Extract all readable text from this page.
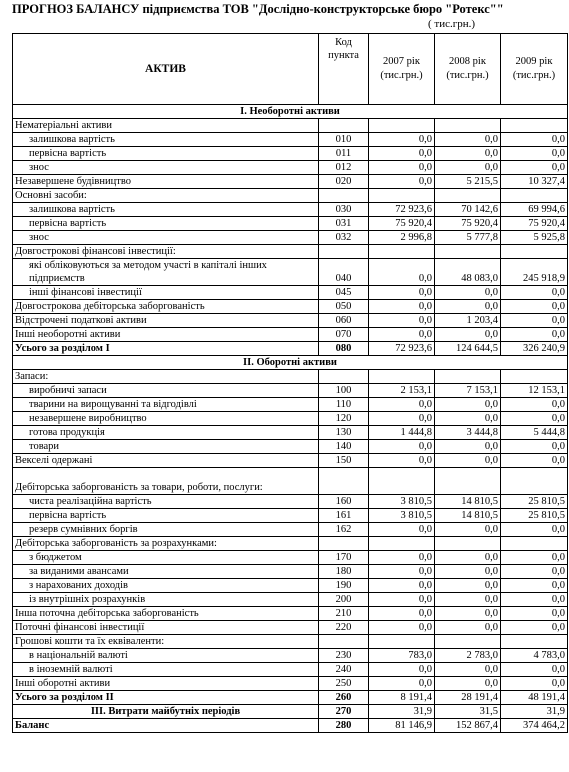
ПРОГНОЗ БАЛАНСУ підприємства ТОВ "Дослідно-конструкторське бюро "Ротекс""
( тис.грн.)
АКТИВ	Код пункта	2007 рік (тис.грн.)	2008 рік (тис.грн.)	2009 рік (тис.грн.)

І. Необоротні активи				
Нематеріальні активи				
залишкова вартість	010	0,0	0,0	0,0
первісна вартість	011	0,0	0,0	0,0
знос	012	0,0	0,0	0,0
Незавершене будівництво	020	0,0	5 215,5	10 327,4
Основні засоби:				
залишкова вартість	030	72 923,6	70 142,6	69 994,6
первісна вартість	031	75 920,4	75 920,4	75 920,4
знос	032	2 996,8	5 777,8	5 925,8
Довгострокові фінансові інвестиції:				
які обліковуються за методом участі в капіталі інших підприємств	040	0,0	48 083,0	245 918,9
інші фінансові інвестиції	045	0,0	0,0	0,0
Довгострокова дебіторська заборгованість	050	0,0	0,0	0,0
Відстрочені податкові активи	060	0,0	1 203,4	0,0
Інші необоротні активи	070	0,0	0,0	0,0
Усього за розділом I	080	72 923,6	124 644,5	326 240,9
ІІ. Оборотні активи				
Запаси:				
виробничі запаси	100	2 153,1	7 153,1	12 153,1
тварини на вирощуванні та відгодівлі	110	0,0	0,0	0,0
незавершене виробництво	120	0,0	0,0	0,0
готова продукція	130	1 444,8	3 444,8	5 444,8
товари	140	0,0	0,0	0,0
Векселі одержані	150	0,0	0,0	0,0
Дебіторська заборгованість за товари, роботи, послуги:				
чиста реалізаційна вартість	160	3 810,5	14 810,5	25 810,5
первісна вартість	161	3 810,5	14 810,5	25 810,5
резерв сумнівних боргів	162	0,0	0,0	0,0
Дебіторська заборгованість за розрахунками:				
з бюджетом	170	0,0	0,0	0,0
за виданими авансами	180	0,0	0,0	0,0
з нарахованих доходів	190	0,0	0,0	0,0
із внутрішніх розрахунків	200	0,0	0,0	0,0
Інша поточна дебіторська заборгованість	210	0,0	0,0	0,0
Поточні фінансові інвестиції	220	0,0	0,0	0,0
Грошові кошти та їх еквіваленти:				
в національній валюті	230	783,0	2 783,0	4 783,0
в іноземній валюті	240	0,0	0,0	0,0
Інші оборотні активи	250	0,0	0,0	0,0
Усього за розділом II	260	8 191,4	28 191,4	48 191,4
III. Витрати майбутніх періодів	270	31,9	31,5	31,9
Баланс	280	81 146,9	152 867,4	374 464,2
